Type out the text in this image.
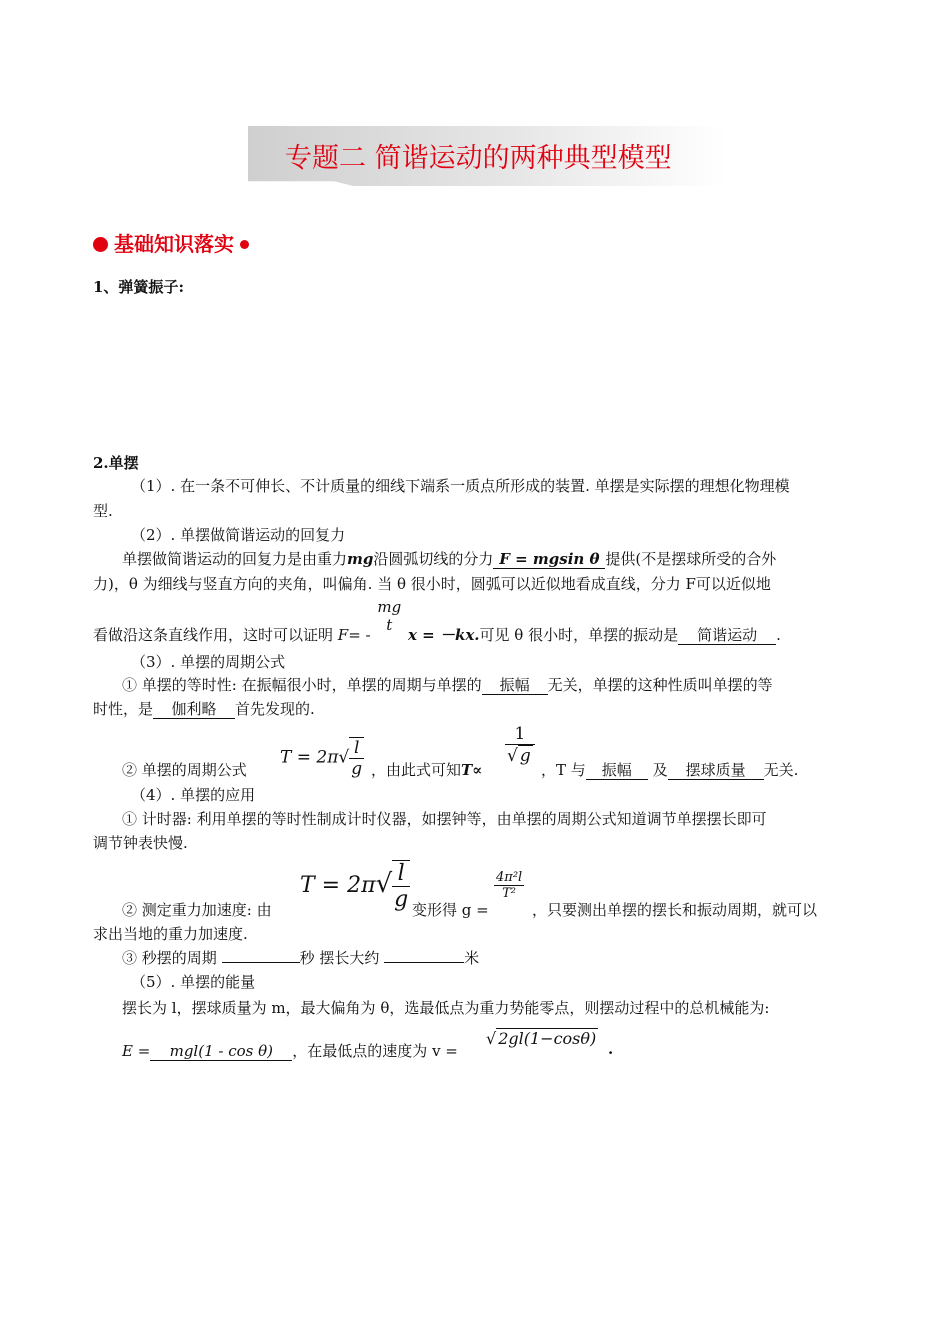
专题二 简谐运动的两种典型模型
基础知识落实
1、弹簧振子:
2.单摆
（1）. 在一条不可伸长、不计质量的细线下端系一质点所形成的装置. 单摆是实际摆的理想化物理模
型.
（2）. 单摆做简谐运动的回复力
单摆做简谐运动的回复力是由重力mg沿圆弧切线的分力 F = mgsin θ 提供(不是摆球所受的合外
力)，θ 为细线与竖直方向的夹角，叫偏角. 当 θ 很小时，圆弧可以近似地看成直线，分力 F可以近似地
看做沿这条直线作用，这时可以证明 F= -
mg
t
x = －kx.可见 θ 很小时，单摆的振动是 简谐运动 .
（3）. 单摆的周期公式
① 单摆的等时性: 在振幅很小时，单摆的周期与单摆的 振幅 无关，单摆的这种性质叫单摆的等
时性，是 伽利略 首先发现的.
② 单摆的周期公式
$T = 2\pi√ \frac{l}{g}$ ，由此式可知T∝
$\frac{1}{√ g}$
，T 与 振幅 及 摆球质量 无关.
（4）. 单摆的应用
① 计时器: 利用单摆的等时性制成计时仪器，如摆钟等，由单摆的周期公式知道调节单摆摆长即可
调节钟表快慢.
② 测定重力加速度: 由
$T = 2\pi√ \frac{l}{g}$ 变形得 g =
$\frac{\text{4π²l}}{\text{T²}}$
，只要测出单摆的摆长和振动周期，就可以
求出当地的重力加速度.
③ 秒摆的周期	秒 摆长大约	米
（5）. 单摆的能量
摆长为 l，摆球质量为 m，最大偏角为 θ，选最低点为重力势能零点，则摆动过程中的总机械能为:
E = mgl(1 - cos θ) ，在最低点的速度为 v =
√ 2gl(1−cosθ)
.
